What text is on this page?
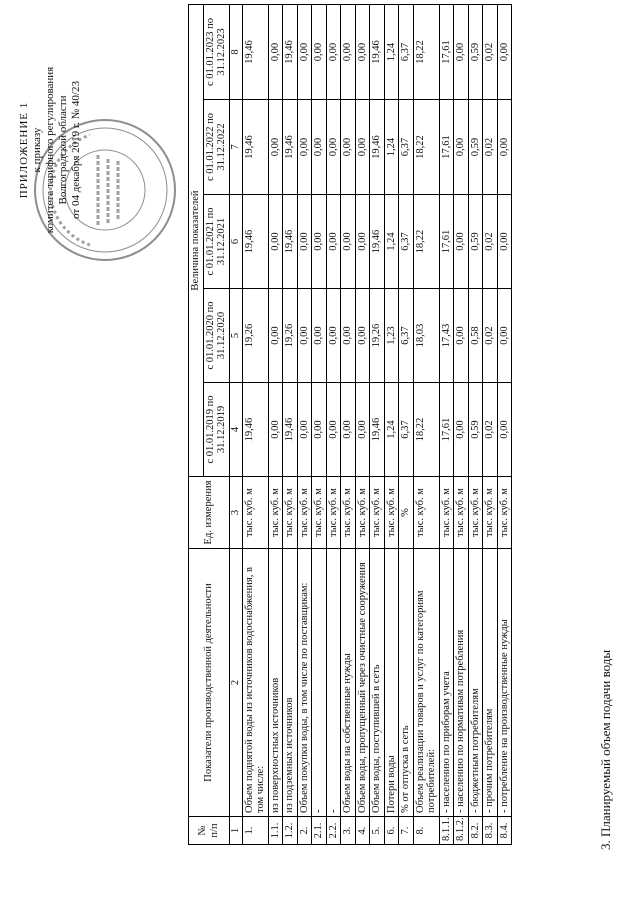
ПРИЛОЖЕНИЕ 1 к приказу комитета тарифного регулирования Волгоградской области от 04 декабря 2019 г. № 40/23
3. Планируемый объем подачи воды
№ п/п	Показатели производственной деятельности	Ед. измерения	Величина показателей				
			с 01.01.2019 по 31.12.2019	с 01.01.2020 по 31.12.2020	с 01.01.2021 по 31.12.2021	с 01.01.2022 по 31.12.2022	с 01.01.2023 по 31.12.2023
1	2	3	4	5	6	7	8
1.	Объем поднятой воды из источников водоснабжения, в том числе:	тыс. куб. м	19,46	19,26	19,46	19,46	19,46
1.1.	из поверхностных источников	тыс. куб. м	0,00	0,00	0,00	0,00	0,00
1.2.	из подземных источников	тыс. куб. м	19,46	19,26	19,46	19,46	19,46
2.	Объем покупки воды, в том числе по поставщикам:	тыс. куб. м	0,00	0,00	0,00	0,00	0,00
2.1.	-	тыс. куб. м	0,00	0,00	0,00	0,00	0,00
2.2.	-	тыс. куб. м	0,00	0,00	0,00	0,00	0,00
3.	Объем воды на собственные нужды	тыс. куб. м	0,00	0,00	0,00	0,00	0,00
4.	Объем воды, пропущенный через очистные сооружения	тыс. куб. м	0,00	0,00	0,00	0,00	0,00
5.	Объем воды, поступившей в сеть	тыс. куб. м	19,46	19,26	19,46	19,46	19,46
6.	Потери воды	тыс. куб. м	1,24	1,23	1,24	1,24	1,24
7.	% от отпуска в сеть	%	6,37	6,37	6,37	6,37	6,37
8.	Объем реализации товаров и услуг по категориям потребителей:	тыс. куб. м	18,22	18,03	18,22	18,22	18,22
8.1.1.	- населению по приборам учета	тыс. куб. м	17,61	17,43	17,61	17,61	17,61
8.1.2.	- населению по нормативам потребления	тыс. куб. м	0,00	0,00	0,00	0,00	0,00
8.2.	- бюджетным потребителям	тыс. куб. м	0,59	0,58	0,59	0,59	0,59
8.3.	- прочим потребителям	тыс. куб. м	0,02	0,02	0,02	0,02	0,02
8.4.	- потребление на производственные нужды	тыс. куб. м	0,00	0,00	0,00	0,00	0,00
